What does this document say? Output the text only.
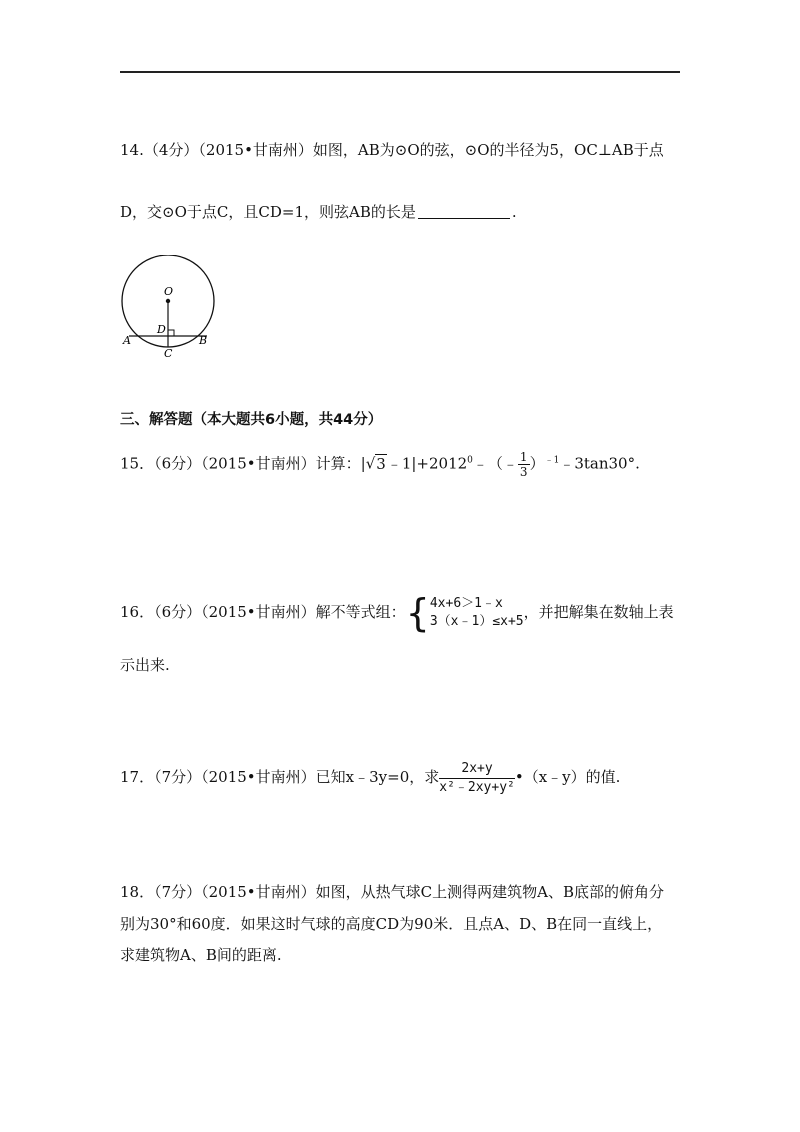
14.（4分）（2015•甘南州）如图，AB为⊙O的弦，⊙O的半径为5，OC⊥AB于点
D，交⊙O于点C，且CD=1，则弦AB的长是	.
O
D
A	B
C
三、解答题（本大题共6小题，共44分）
15．（6分）（2015•甘南州）计算：$|√3﹣1|+2012^0﹣(﹣ \frac{1}{3}$ ）$^{﹣1}$﹣3tan30°.
16．（6分）（2015•甘南州）解不等式组：{ 4x+6＞1﹣x
3（x﹣1）≤x+5
，并把解集在数轴上表
示出来.
17．（7分）（2015•甘南州）已知x﹣3y=0，求 $\frac{2x+y}{\text{x²﹣2xy+y²}}$ •（x﹣y）的值.
18．（7分）（2015•甘南州）如图，从热气球C上测得两建筑物A、B底部的俯角分
别为30°和60度．如果这时气球的高度CD为90米．且点A、D、B在同一直线上，
求建筑物A、B间的距离.
